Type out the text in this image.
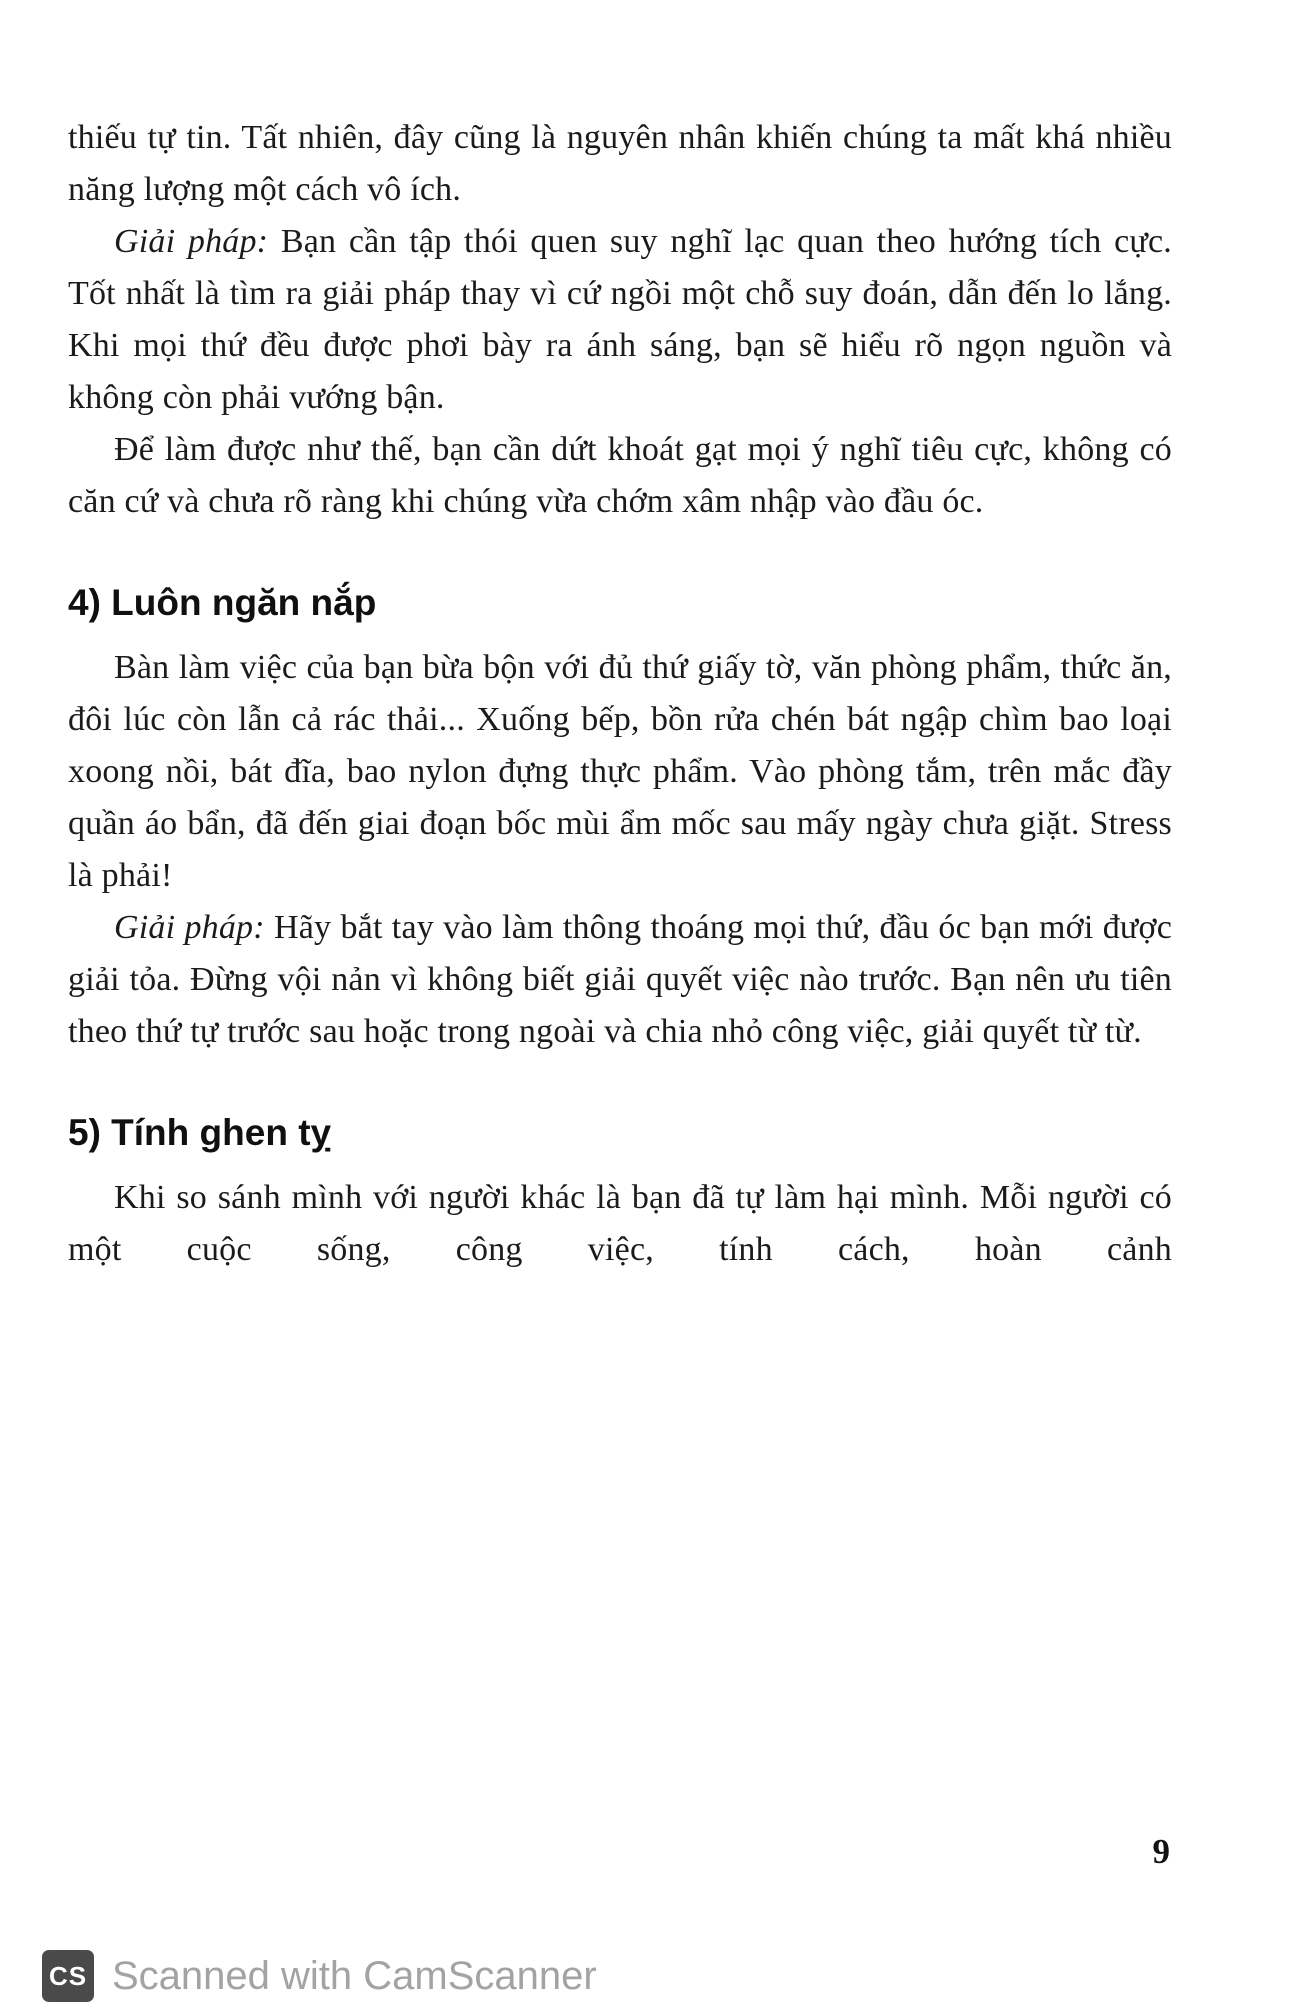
thiếu tự tin. Tất nhiên, đây cũng là nguyên nhân khiến chúng ta mất khá nhiều năng lượng một cách vô ích.

Giải pháp: Bạn cần tập thói quen suy nghĩ lạc quan theo hướng tích cực. Tốt nhất là tìm ra giải pháp thay vì cứ ngồi một chỗ suy đoán, dẫn đến lo lắng. Khi mọi thứ đều được phơi bày ra ánh sáng, bạn sẽ hiểu rõ ngọn nguồn và không còn phải vướng bận.

Để làm được như thế, bạn cần dứt khoát gạt mọi ý nghĩ tiêu cực, không có căn cứ và chưa rõ ràng khi chúng vừa chớm xâm nhập vào đầu óc.

4) Luôn ngăn nắp

Bàn làm việc của bạn bừa bộn với đủ thứ giấy tờ, văn phòng phẩm, thức ăn, đôi lúc còn lẫn cả rác thải... Xuống bếp, bồn rửa chén bát ngập chìm bao loại xoong nồi, bát đĩa, bao nylon đựng thực phẩm. Vào phòng tắm, trên mắc đầy quần áo bẩn, đã đến giai đoạn bốc mùi ẩm mốc sau mấy ngày chưa giặt. Stress là phải!

Giải pháp: Hãy bắt tay vào làm thông thoáng mọi thứ, đầu óc bạn mới được giải tỏa. Đừng vội nản vì không biết giải quyết việc nào trước. Bạn nên ưu tiên theo thứ tự trước sau hoặc trong ngoài và chia nhỏ công việc, giải quyết từ từ.

5) Tính ghen tỵ

Khi so sánh mình với người khác là bạn đã tự làm hại mình. Mỗi người có một cuộc sống, công việc, tính cách, hoàn cảnh

9
CS Scanned with CamScanner
